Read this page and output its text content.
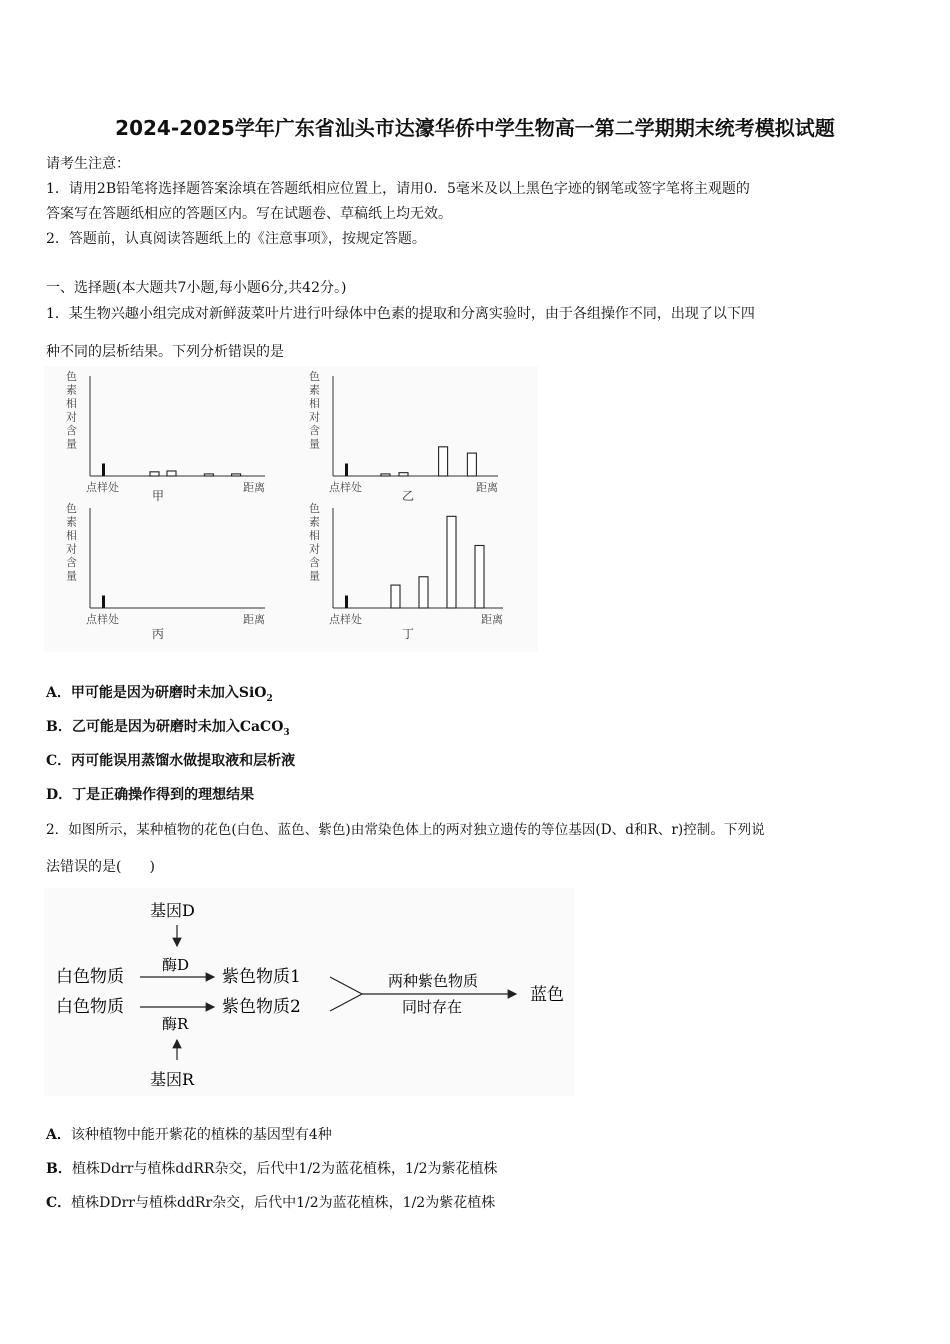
2024-2025学年广东省汕头市达濠华侨中学生物高一第二学期期末统考模拟试题
请考生注意：
1．请用2B铅笔将选择题答案涂填在答题纸相应位置上，请用0．5毫米及以上黑色字迹的钢笔或签字笔将主观题的
答案写在答题纸相应的答题区内。写在试题卷、草稿纸上均无效。
2．答题前，认真阅读答题纸上的《注意事项》，按规定答题。
一、选择题(本大题共7小题,每小题6分,共42分。)
1．某生物兴趣小组完成对新鲜菠菜叶片进行叶绿体中色素的提取和分离实验时，由于各组操作不同，出现了以下四
种不同的层析结果。下列分析错误的是
色
素
相
对
含
量
点样处	距离
甲
色
素
相
对
含
量
点样处	距离
乙
色
素
相
对
含
量
点样处	距离
丙
色
素
相
对
含
量
点样处	距离
丁
A．甲可能是因为研磨时未加入SiO$_2$
B．乙可能是因为研磨时未加入CaCO$_3$
C．丙可能误用蒸馏水做提取液和层析液
D．丁是正确操作得到的理想结果
2．如图所示，某种植物的花色(白色、蓝色、紫色)由常染色体上的两对独立遗传的等位基因(D、d和R、r)控制。下列说
法错误的是(　　)
基因D
酶D
白色物质	紫色物质1
白色物质	紫色物质2
酶R
基因R
两种紫色物质
同时存在
蓝色
A．该种植物中能开紫花的植株的基因型有4种
B．植株Ddrr与植株ddRR杂交，后代中1/2为蓝花植株，1/2为紫花植株
C．植株DDrr与植株ddRr杂交，后代中1/2为蓝花植株，1/2为紫花植株
